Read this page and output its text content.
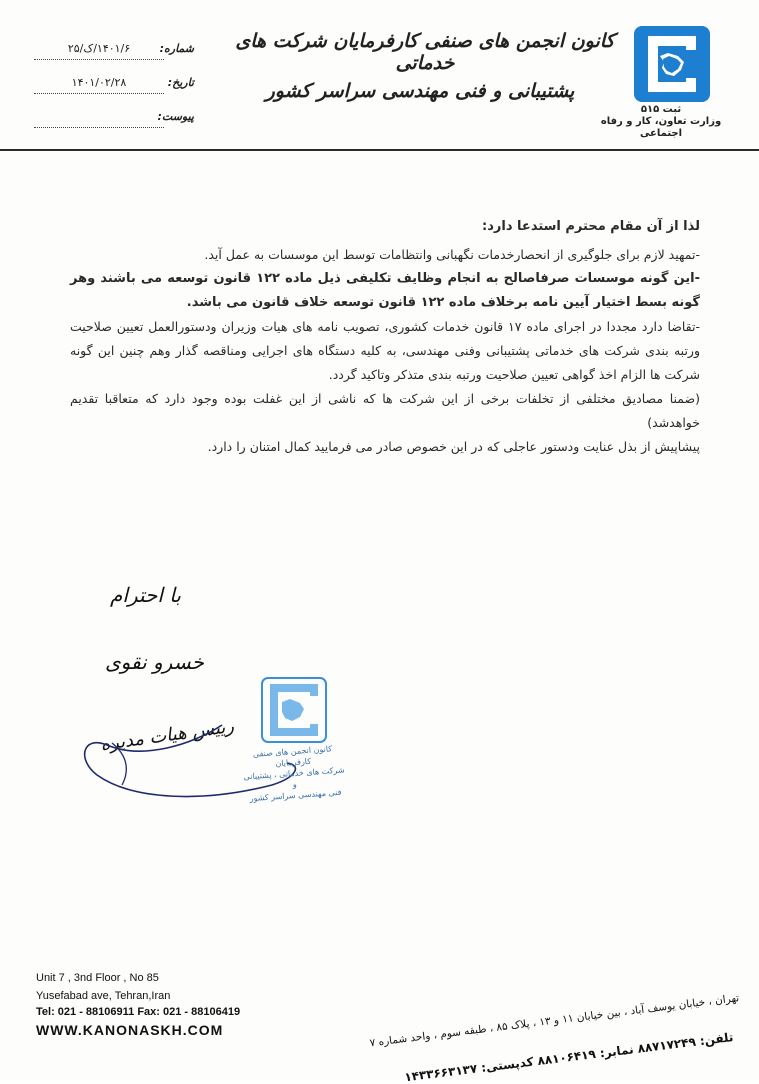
ثبت ۵۱۵
وزارت تعاون، کار و رفاه اجتماعی
کانون انجمن های صنفی کارفرمایان شرکت های خدماتی
پشتیبانی و فنی مهندسی سراسر کشور
شماره:
۱۴۰۱/۶/ک/۲۵
تاریخ:
۱۴۰۱/۰۲/۲۸
پیوست:

لذا از آن مقام محترم استدعا دارد:

-تمهید لازم برای جلوگیری از انحصارخدمات نگهبانی وانتظامات توسط این موسسات به عمل آید.

-این گونه موسسات صرفاصالح به انجام وظایف تکلیفی ذیل ماده ۱۲۲ قانون توسعه می باشند وهر گونه بسط اختیار آیین نامه برخلاف ماده ۱۲۲ قانون توسعه خلاف قانون می باشد.

-تقاضا دارد مجددا در اجرای ماده ۱۷ قانون خدمات کشوری، تصویب نامه های هیات وزیران ودستورالعمل تعیین صلاحیت ورتبه بندی شرکت های خدماتی پشتیبانی وفنی مهندسی، به کلیه دستگاه های اجرایی ومناقصه گذار وهم چنین این گونه شرکت ها الزام اخذ گواهی تعیین صلاحیت ورتبه بندی متذکر وتاکید گردد.

(ضمنا مصادیق مختلفی از تخلفات برخی از این شرکت ها که ناشی از این غفلت بوده وجود دارد که متعاقبا تقدیم خواهدشد)

پیشاپیش از بذل عنایت ودستور عاجلی که در این خصوص صادر می فرمایید کمال امتنان را دارد.

با احترام
خسرو نقوی
رییس هیات مدیره	کانون انجمن های صنفی کارفرمایان
شرکت های خدماتی ، پشتیبانی و
فنی مهندسی سراسر کشور
Unit 7 , 3nd Floor , No 85
Yusefabad ave, Tehran,Iran
Tel: 021 - 88106911 Fax: 021 - 88106419
WWW.KANONASKH.COM
تهران ، خیابان یوسف آباد ، بین خیابان ۱۱ و ۱۳ ، پلاک ۸۵ ، طبقه سوم ، واحد شماره ۷
تلفن: ۸۸۷۱۷۲۴۹ نمابر: ۸۸۱۰۶۴۱۹ کدپستی: ۱۴۳۳۶۶۳۱۳۷
